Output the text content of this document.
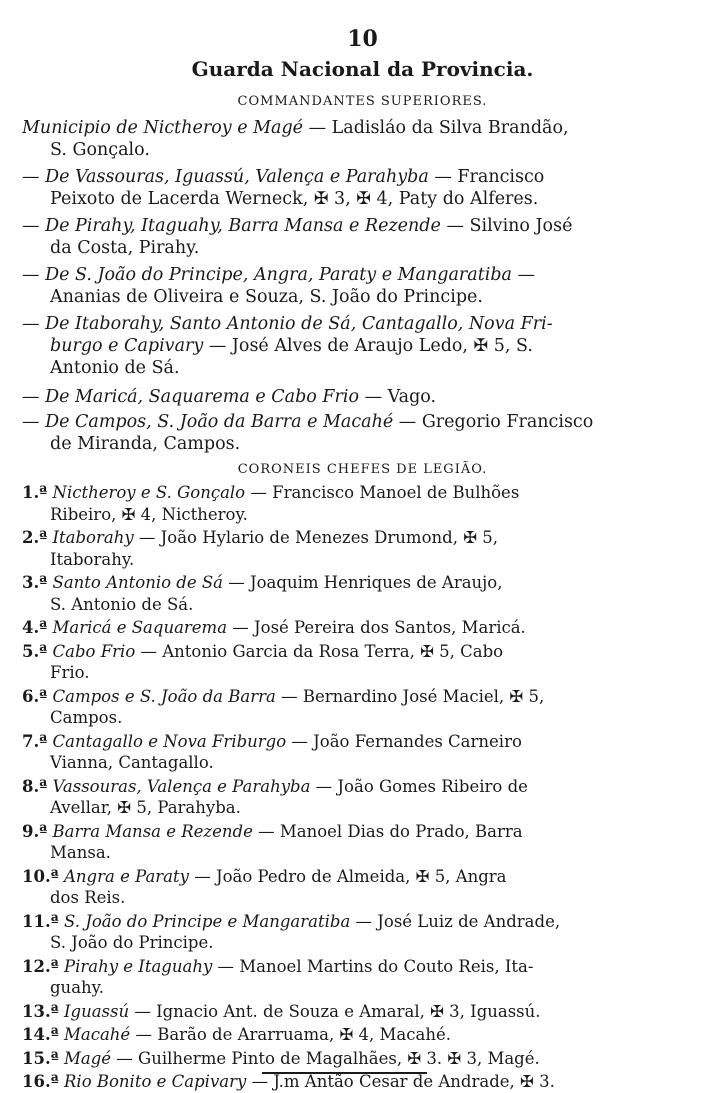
10
Guarda Nacional da Provincia.
COMMANDANTES SUPERIORES.
Municipio de Nictheroy e Magé — Ladisláo da Silva Brandão,
S. Gonçalo.
— De Vassouras, Iguassú, Valença e Parahyba — Francisco
Peixoto de Lacerda Werneck, ✠ 3, ✠ 4, Paty do Alferes.
— De Pirahy, Itaguahy, Barra Mansa e Rezende — Silvino José
da Costa, Pirahy.
— De S. João do Principe, Angra, Paraty e Mangaratiba —
Ananias de Oliveira e Souza, S. João do Principe.
— De Itaborahy, Santo Antonio de Sá, Cantagallo, Nova Fri-
burgo e Capivary — José Alves de Araujo Ledo, ✠ 5, S.
Antonio de Sá.
— De Maricá, Saquarema e Cabo Frio — Vago.
— De Campos, S. João da Barra e Macahé — Gregorio Francisco
de Miranda, Campos.
CORONEIS CHEFES DE LEGIÃO.
1.ª Nictheroy e S. Gonçalo — Francisco Manoel de Bulhões
Ribeiro, ✠ 4, Nictheroy.
2.ª Itaborahy — João Hylario de Menezes Drumond, ✠ 5,
Itaborahy.
3.ª Santo Antonio de Sá — Joaquim Henriques de Araujo,
S. Antonio de Sá.
4.ª Maricá e Saquarema — José Pereira dos Santos, Maricá.
5.ª Cabo Frio — Antonio Garcia da Rosa Terra, ✠ 5, Cabo
Frio.
6.ª Campos e S. João da Barra — Bernardino José Maciel, ✠ 5,
Campos.
7.ª Cantagallo e Nova Friburgo — João Fernandes Carneiro
Vianna, Cantagallo.
8.ª Vassouras, Valença e Parahyba — João Gomes Ribeiro de
Avellar, ✠ 5, Parahyba.
9.ª Barra Mansa e Rezende — Manoel Dias do Prado, Barra
Mansa.
10.ª Angra e Paraty — João Pedro de Almeida, ✠ 5, Angra
dos Reis.
11.ª S. João do Principe e Mangaratiba — José Luiz de Andrade,
S. João do Principe.
12.ª Pirahy e Itaguahy — Manoel Martins do Couto Reis, Ita-
guahy.
13.ª Iguassú — Ignacio Ant. de Souza e Amaral, ✠ 3, Iguassú.
14.ª Macahé — Barão de Ararruama, ✠ 4, Macahé.
15.ª Magé — Guilherme Pinto de Magalhães, ✠ 3. ✠ 3, Magé.
16.ª Rio Bonito e Capivary — J.m Antão Cesar de Andrade, ✠ 3.
